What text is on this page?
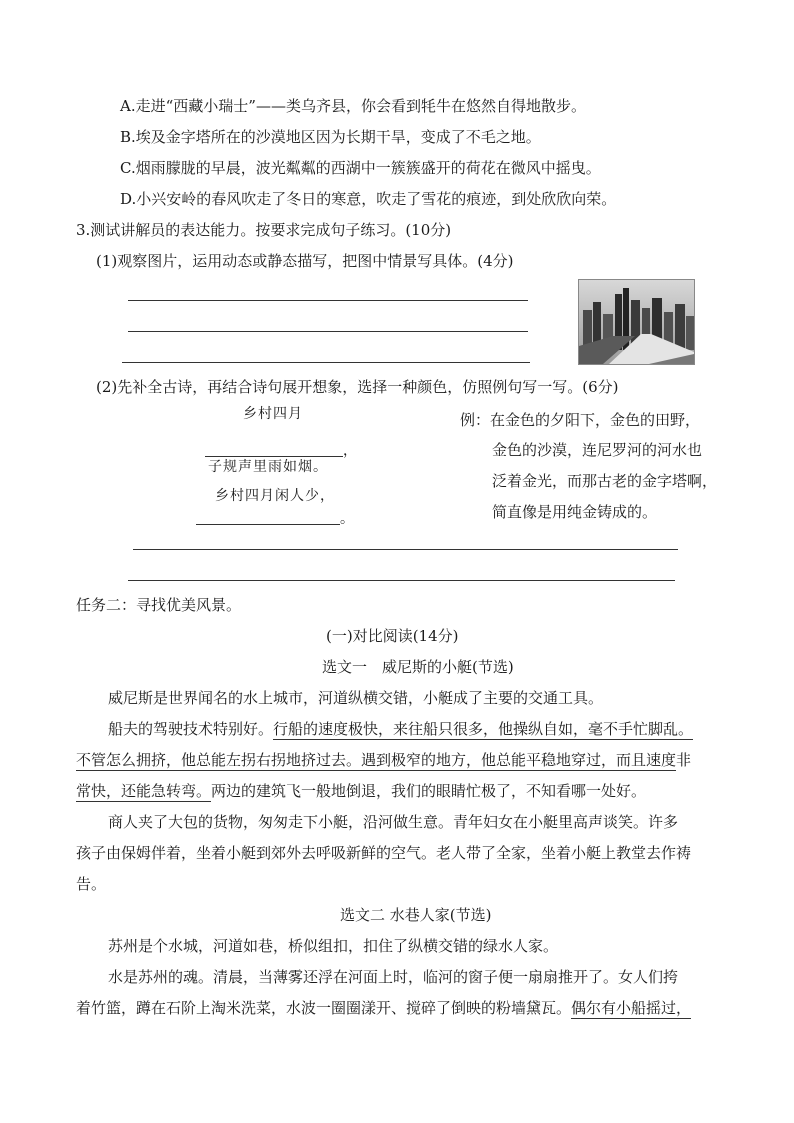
A.走进“西藏小瑞士”——类乌齐县，你会看到牦牛在悠然自得地散步。
B.埃及金字塔所在的沙漠地区因为长期干旱，变成了不毛之地。
C.烟雨朦胧的早晨，波光粼粼的西湖中一簇簇盛开的荷花在微风中摇曳。
D.小兴安岭的春风吹走了冬日的寒意，吹走了雪花的痕迹，到处欣欣向荣。
3.测试讲解员的表达能力。按要求完成句子练习。(10分)
(1)观察图片，运用动态或静态描写，把图中情景写具体。(4分)
(2)先补全古诗，再结合诗句展开想象，选择一种颜色，仿照例句写一写。(6分)
乡村四月
，
子规声里雨如烟。
乡村四月闲人少，
。
例：在金色的夕阳下，金色的田野，
金色的沙漠，连尼罗河的河水也
泛着金光，而那古老的金字塔啊，
简直像是用纯金铸成的。
任务二：寻找优美风景。
(一)对比阅读(14分)
选文一　威尼斯的小艇(节选)
威尼斯是世界闻名的水上城市，河道纵横交错，小艇成了主要的交通工具。
船夫的驾驶技术特别好。行船的速度极快，来往船只很多，他操纵自如，毫不手忙脚乱。
不管怎么拥挤，他总能左拐右拐地挤过去。遇到极窄的地方，他总能平稳地穿过，而且速度非
常快，还能急转弯。两边的建筑飞一般地倒退，我们的眼睛忙极了，不知看哪一处好。
商人夹了大包的货物，匆匆走下小艇，沿河做生意。青年妇女在小艇里高声谈笑。许多
孩子由保姆伴着，坐着小艇到郊外去呼吸新鲜的空气。老人带了全家，坐着小艇上教堂去作祷
告。
选文二 水巷人家(节选)
苏州是个水城，河道如巷，桥似组扣，扣住了纵横交错的绿水人家。
水是苏州的魂。清晨，当薄雾还浮在河面上时，临河的窗子便一扇扇推开了。女人们挎
着竹篮，蹲在石阶上淘米洗菜，水波一圈圈漾开、搅碎了倒映的粉墙黛瓦。偶尔有小船摇过，
